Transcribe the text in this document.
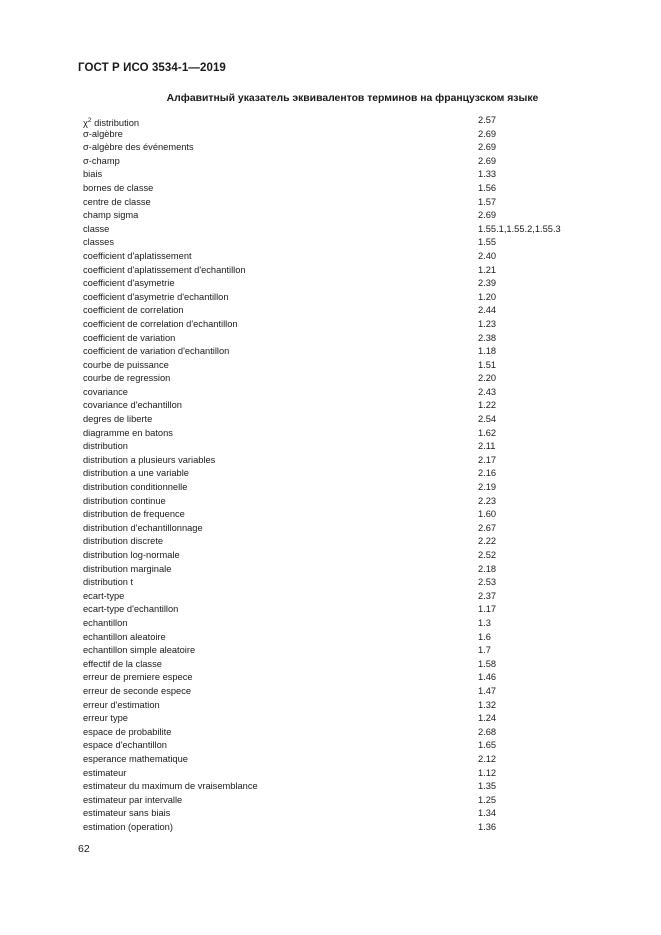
ГОСТ Р ИСО 3534-1—2019
Алфавитный указатель эквивалентов терминов на французском языке
$\chi^2$ distribution	2.57
σ-algèbre	2.69
σ-algèbre des événements	2.69
σ-champ	2.69
biais	1.33
bornes de classe	1.56
centre de classe	1.57
champ sigma	2.69
classe	1.55.1,1.55.2,1.55.3
classes	1.55
coefficient d'aplatissement	2.40
coefficient d'aplatissement d'echantillon	1.21
coefficient d'asymetrie	2.39
coefficient d'asymetrie d'echantillon	1.20
coefficient de correlation	2.44
coefficient de correlation d'echantillon	1.23
coefficient de variation	2.38
coefficient de variation d'echantillon	1.18
courbe de puissance	1.51
courbe de regression	2.20
covariance	2.43
covariance d'echantillon	1.22
degres de liberte	2.54
diagramme en batons	1.62
distribution	2.11
distribution a plusieurs variables	2.17
distribution a une variable	2.16
distribution conditionnelle	2.19
distribution continue	2.23
distribution de frequence	1.60
distribution d'echantillonnage	2.67
distribution discrete	2.22
distribution log-normale	2.52
distribution marginale	2.18
distribution t	2.53
ecart-type	2.37
ecart-type d'echantillon	1.17
echantillon	1.3
echantillon aleatoire	1.6
echantillon simple aleatoire	1.7
effectif de la classe	1.58
erreur de premiere espece	1.46
erreur de seconde espece	1.47
erreur d'estimation	1.32
erreur type	1.24
espace de probabilite	2.68
espace d'echantillon	1.65
esperance mathematique	2.12
estimateur	1.12
estimateur du maximum de vraisemblance	1.35
estimateur par intervalle	1.25
estimateur sans biais	1.34
estimation (operation)	1.36
62
